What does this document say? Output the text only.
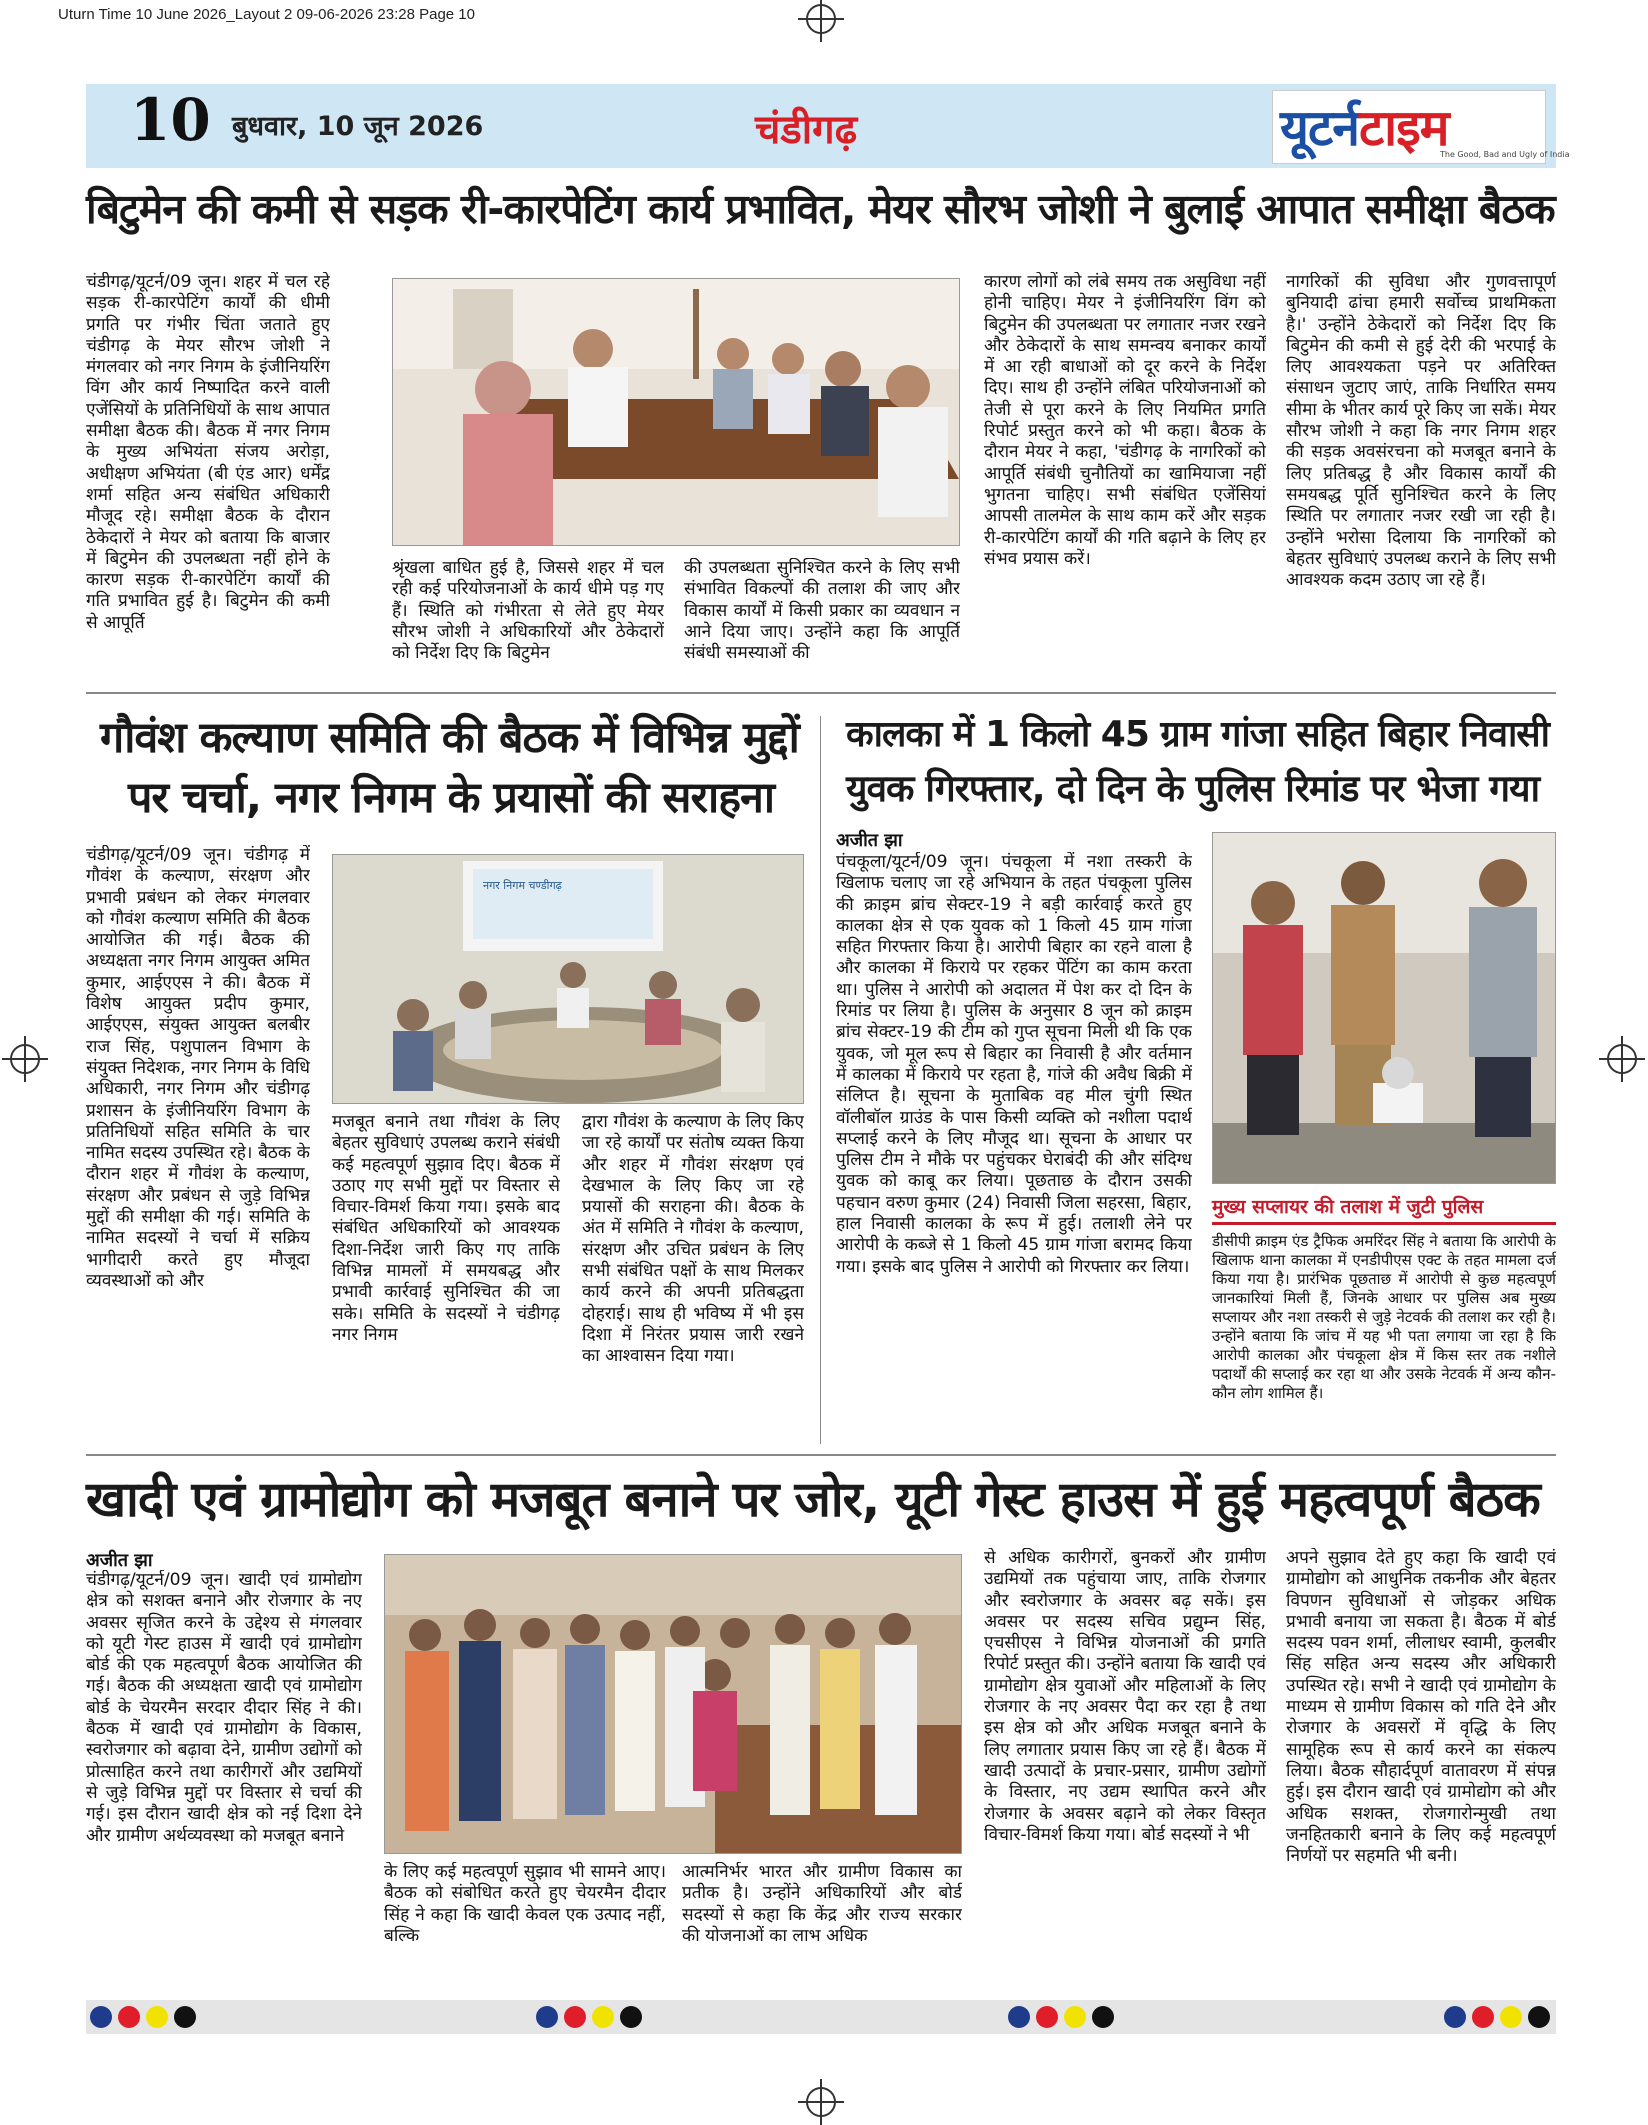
Uturn Time 10 June 2026_Layout 2 09-06-2026 23:28 Page 10
10 बुधवार, 10 जून 2026	चंडीगढ़	यूटर्नटाइम
The Good, Bad and Ugly of India
बिटुमेन की कमी से सड़क री-कारपेटिंग कार्य प्रभावित, मेयर सौरभ जोशी ने बुलाई आपात समीक्षा बैठक
चंडीगढ़/यूटर्न/09 जून। शहर में चल रहे सड़क री-कारपेटिंग कार्यों की धीमी प्रगति पर गंभीर चिंता जताते हुए चंडीगढ़ के मेयर सौरभ जोशी ने मंगलवार को नगर निगम के इंजीनियरिंग विंग और कार्य निष्पादित करने वाली एजेंसियों के प्रतिनिधियों के साथ आपात समीक्षा बैठक की। बैठक में नगर निगम के मुख्य अभियंता संजय अरोड़ा, अधीक्षण अभियंता (बी एंड आर) धर्मेंद्र शर्मा सहित अन्य संबंधित अधिकारी मौजूद रहे। समीक्षा बैठक के दौरान ठेकेदारों ने मेयर को बताया कि बाजार में बिटुमेन की उपलब्धता नहीं होने के कारण सड़क री-कारपेटिंग कार्यों की गति प्रभावित हुई है। बिटुमेन की कमी से आपूर्ति
श्रृंखला बाधित हुई है, जिससे शहर में चल रही कई परियोजनाओं के कार्य धीमे पड़ गए हैं। स्थिति को गंभीरता से लेते हुए मेयर सौरभ जोशी ने अधिकारियों और ठेकेदारों को निर्देश दिए कि बिटुमेन
की उपलब्धता सुनिश्चित करने के लिए सभी संभावित विकल्पों की तलाश की जाए और विकास कार्यों में किसी प्रकार का व्यवधान न आने दिया जाए। उन्होंने कहा कि आपूर्ति संबंधी समस्याओं की
कारण लोगों को लंबे समय तक असुविधा नहीं होनी चाहिए। मेयर ने इंजीनियरिंग विंग को बिटुमेन की उपलब्धता पर लगातार नजर रखने और ठेकेदारों के साथ समन्वय बनाकर कार्यों में आ रही बाधाओं को दूर करने के निर्देश दिए। साथ ही उन्होंने लंबित परियोजनाओं को तेजी से पूरा करने के लिए नियमित प्रगति रिपोर्ट प्रस्तुत करने को भी कहा। बैठक के दौरान मेयर ने कहा, 'चंडीगढ़ के नागरिकों को आपूर्ति संबंधी चुनौतियों का खामियाजा नहीं भुगतना चाहिए। सभी संबंधित एजेंसियां आपसी तालमेल के साथ काम करें और सड़क री-कारपेटिंग कार्यों की गति बढ़ाने के लिए हर संभव प्रयास करें।
नागरिकों की सुविधा और गुणवत्तापूर्ण बुनियादी ढांचा हमारी सर्वोच्च प्राथमिकता है।' उन्होंने ठेकेदारों को निर्देश दिए कि बिटुमेन की कमी से हुई देरी की भरपाई के लिए आवश्यकता पड़ने पर अतिरिक्त संसाधन जुटाए जाएं, ताकि निर्धारित समय सीमा के भीतर कार्य पूरे किए जा सकें। मेयर सौरभ जोशी ने कहा कि नगर निगम शहर की सड़क अवसंरचना को मजबूत बनाने के लिए प्रतिबद्ध है और विकास कार्यों की समयबद्ध पूर्ति सुनिश्चित करने के लिए स्थिति पर लगातार नजर रखी जा रही है। उन्होंने भरोसा दिलाया कि नागरिकों को बेहतर सुविधाएं उपलब्ध कराने के लिए सभी आवश्यक कदम उठाए जा रहे हैं।
गौवंश कल्याण समिति की बैठक में विभिन्न मुद्दों
पर चर्चा, नगर निगम के प्रयासों की सराहना
चंडीगढ़/यूटर्न/09 जून। चंडीगढ़ में गौवंश के कल्याण, संरक्षण और प्रभावी प्रबंधन को लेकर मंगलवार को गौवंश कल्याण समिति की बैठक आयोजित की गई। बैठक की अध्यक्षता नगर निगम आयुक्त अमित कुमार, आईएएस ने की। बैठक में विशेष आयुक्त प्रदीप कुमार, आईएएस, संयुक्त आयुक्त बलबीर राज सिंह, पशुपालन विभाग के संयुक्त निदेशक, नगर निगम के विधि अधिकारी, नगर निगम और चंडीगढ़ प्रशासन के इंजीनियरिंग विभाग के प्रतिनिधियों सहित समिति के चार नामित सदस्य उपस्थित रहे। बैठक के दौरान शहर में गौवंश के कल्याण, संरक्षण और प्रबंधन से जुड़े विभिन्न मुद्दों की समीक्षा की गई। समिति के नामित सदस्यों ने चर्चा में सक्रिय भागीदारी करते हुए मौजूदा व्यवस्थाओं को और
नगर निगम चण्डीगढ़
मजबूत बनाने तथा गौवंश के लिए बेहतर सुविधाएं उपलब्ध कराने संबंधी कई महत्वपूर्ण सुझाव दिए। बैठक में उठाए गए सभी मुद्दों पर विस्तार से विचार-विमर्श किया गया। इसके बाद संबंधित अधिकारियों को आवश्यक दिशा-निर्देश जारी किए गए ताकि विभिन्न मामलों में समयबद्ध और प्रभावी कार्रवाई सुनिश्चित की जा सके। समिति के सदस्यों ने चंडीगढ़ नगर निगम
द्वारा गौवंश के कल्याण के लिए किए जा रहे कार्यों पर संतोष व्यक्त किया और शहर में गौवंश संरक्षण एवं देखभाल के लिए किए जा रहे प्रयासों की सराहना की। बैठक के अंत में समिति ने गौवंश के कल्याण, संरक्षण और उचित प्रबंधन के लिए सभी संबंधित पक्षों के साथ मिलकर कार्य करने की अपनी प्रतिबद्धता दोहराई। साथ ही भविष्य में भी इस दिशा में निरंतर प्रयास जारी रखने का आश्वासन दिया गया।
कालका में 1 किलो 45 ग्राम गांजा सहित बिहार निवासी
युवक गिरफ्तार, दो दिन के पुलिस रिमांड पर भेजा गया
अजीत झा
पंचकूला/यूटर्न/09 जून। पंचकूला में नशा तस्करी के खिलाफ चलाए जा रहे अभियान के तहत पंचकूला पुलिस की क्राइम ब्रांच सेक्टर-19 ने बड़ी कार्रवाई करते हुए कालका क्षेत्र से एक युवक को 1 किलो 45 ग्राम गांजा सहित गिरफ्तार किया है। आरोपी बिहार का रहने वाला है और कालका में किराये पर रहकर पेंटिंग का काम करता था। पुलिस ने आरोपी को अदालत में पेश कर दो दिन के रिमांड पर लिया है। पुलिस के अनुसार 8 जून को क्राइम ब्रांच सेक्टर-19 की टीम को गुप्त सूचना मिली थी कि एक युवक, जो मूल रूप से बिहार का निवासी है और वर्तमान में कालका में किराये पर रहता है, गांजे की अवैध बिक्री में संलिप्त है। सूचना के मुताबिक वह मील चुंगी स्थित वॉलीबॉल ग्राउंड के पास किसी व्यक्ति को नशीला पदार्थ सप्लाई करने के लिए मौजूद था। सूचना के आधार पर पुलिस टीम ने मौके पर पहुंचकर घेराबंदी की और संदिग्ध युवक को काबू कर लिया। पूछताछ के दौरान उसकी पहचान वरुण कुमार (24) निवासी जिला सहरसा, बिहार, हाल निवासी कालका के रूप में हुई। तलाशी लेने पर आरोपी के कब्जे से 1 किलो 45 ग्राम गांजा बरामद किया गया। इसके बाद पुलिस ने आरोपी को गिरफ्तार कर लिया।
मुख्य सप्लायर की तलाश में जुटी पुलिस
डीसीपी क्राइम एंड ट्रैफिक अमरिंदर सिंह ने बताया कि आरोपी के खिलाफ थाना कालका में एनडीपीएस एक्ट के तहत मामला दर्ज किया गया है। प्रारंभिक पूछताछ में आरोपी से कुछ महत्वपूर्ण जानकारियां मिली हैं, जिनके आधार पर पुलिस अब मुख्य सप्लायर और नशा तस्करी से जुड़े नेटवर्क की तलाश कर रही है। उन्होंने बताया कि जांच में यह भी पता लगाया जा रहा है कि आरोपी कालका और पंचकूला क्षेत्र में किस स्तर तक नशीले पदार्थों की सप्लाई कर रहा था और उसके नेटवर्क में अन्य कौन-कौन लोग शामिल हैं।
खादी एवं ग्रामोद्योग को मजबूत बनाने पर जोर, यूटी गेस्ट हाउस में हुई महत्वपूर्ण बैठक
अजीत झा
चंडीगढ़/यूटर्न/09 जून। खादी एवं ग्रामोद्योग क्षेत्र को सशक्त बनाने और रोजगार के नए अवसर सृजित करने के उद्देश्य से मंगलवार को यूटी गेस्ट हाउस में खादी एवं ग्रामोद्योग बोर्ड की एक महत्वपूर्ण बैठक आयोजित की गई। बैठक की अध्यक्षता खादी एवं ग्रामोद्योग बोर्ड के चेयरमैन सरदार दीदार सिंह ने की। बैठक में खादी एवं ग्रामोद्योग के विकास, स्वरोजगार को बढ़ावा देने, ग्रामीण उद्योगों को प्रोत्साहित करने तथा कारीगरों और उद्यमियों से जुड़े विभिन्न मुद्दों पर विस्तार से चर्चा की गई। इस दौरान खादी क्षेत्र को नई दिशा देने और ग्रामीण अर्थव्यवस्था को मजबूत बनाने
के लिए कई महत्वपूर्ण सुझाव भी सामने आए। बैठक को संबोधित करते हुए चेयरमैन दीदार सिंह ने कहा कि खादी केवल एक उत्पाद नहीं, बल्कि
आत्मनिर्भर भारत और ग्रामीण विकास का प्रतीक है। उन्होंने अधिकारियों और बोर्ड सदस्यों से कहा कि केंद्र और राज्य सरकार की योजनाओं का लाभ अधिक
से अधिक कारीगरों, बुनकरों और ग्रामीण उद्यमियों तक पहुंचाया जाए, ताकि रोजगार और स्वरोजगार के अवसर बढ़ सकें। इस अवसर पर सदस्य सचिव प्रद्युम्न सिंह, एचसीएस ने विभिन्न योजनाओं की प्रगति रिपोर्ट प्रस्तुत की। उन्होंने बताया कि खादी एवं ग्रामोद्योग क्षेत्र युवाओं और महिलाओं के लिए रोजगार के नए अवसर पैदा कर रहा है तथा इस क्षेत्र को और अधिक मजबूत बनाने के लिए लगातार प्रयास किए जा रहे हैं। बैठक में खादी उत्पादों के प्रचार-प्रसार, ग्रामीण उद्योगों के विस्तार, नए उद्यम स्थापित करने और रोजगार के अवसर बढ़ाने को लेकर विस्तृत विचार-विमर्श किया गया। बोर्ड सदस्यों ने भी
अपने सुझाव देते हुए कहा कि खादी एवं ग्रामोद्योग को आधुनिक तकनीक और बेहतर विपणन सुविधाओं से जोड़कर अधिक प्रभावी बनाया जा सकता है। बैठक में बोर्ड सदस्य पवन शर्मा, लीलाधर स्वामी, कुलबीर सिंह सहित अन्य सदस्य और अधिकारी उपस्थित रहे। सभी ने खादी एवं ग्रामोद्योग के माध्यम से ग्रामीण विकास को गति देने और रोजगार के अवसरों में वृद्धि के लिए सामूहिक रूप से कार्य करने का संकल्प लिया। बैठक सौहार्दपूर्ण वातावरण में संपन्न हुई। इस दौरान खादी एवं ग्रामोद्योग को और अधिक सशक्त, रोजगारोन्मुखी तथा जनहितकारी बनाने के लिए कई महत्वपूर्ण निर्णयों पर सहमति भी बनी।
